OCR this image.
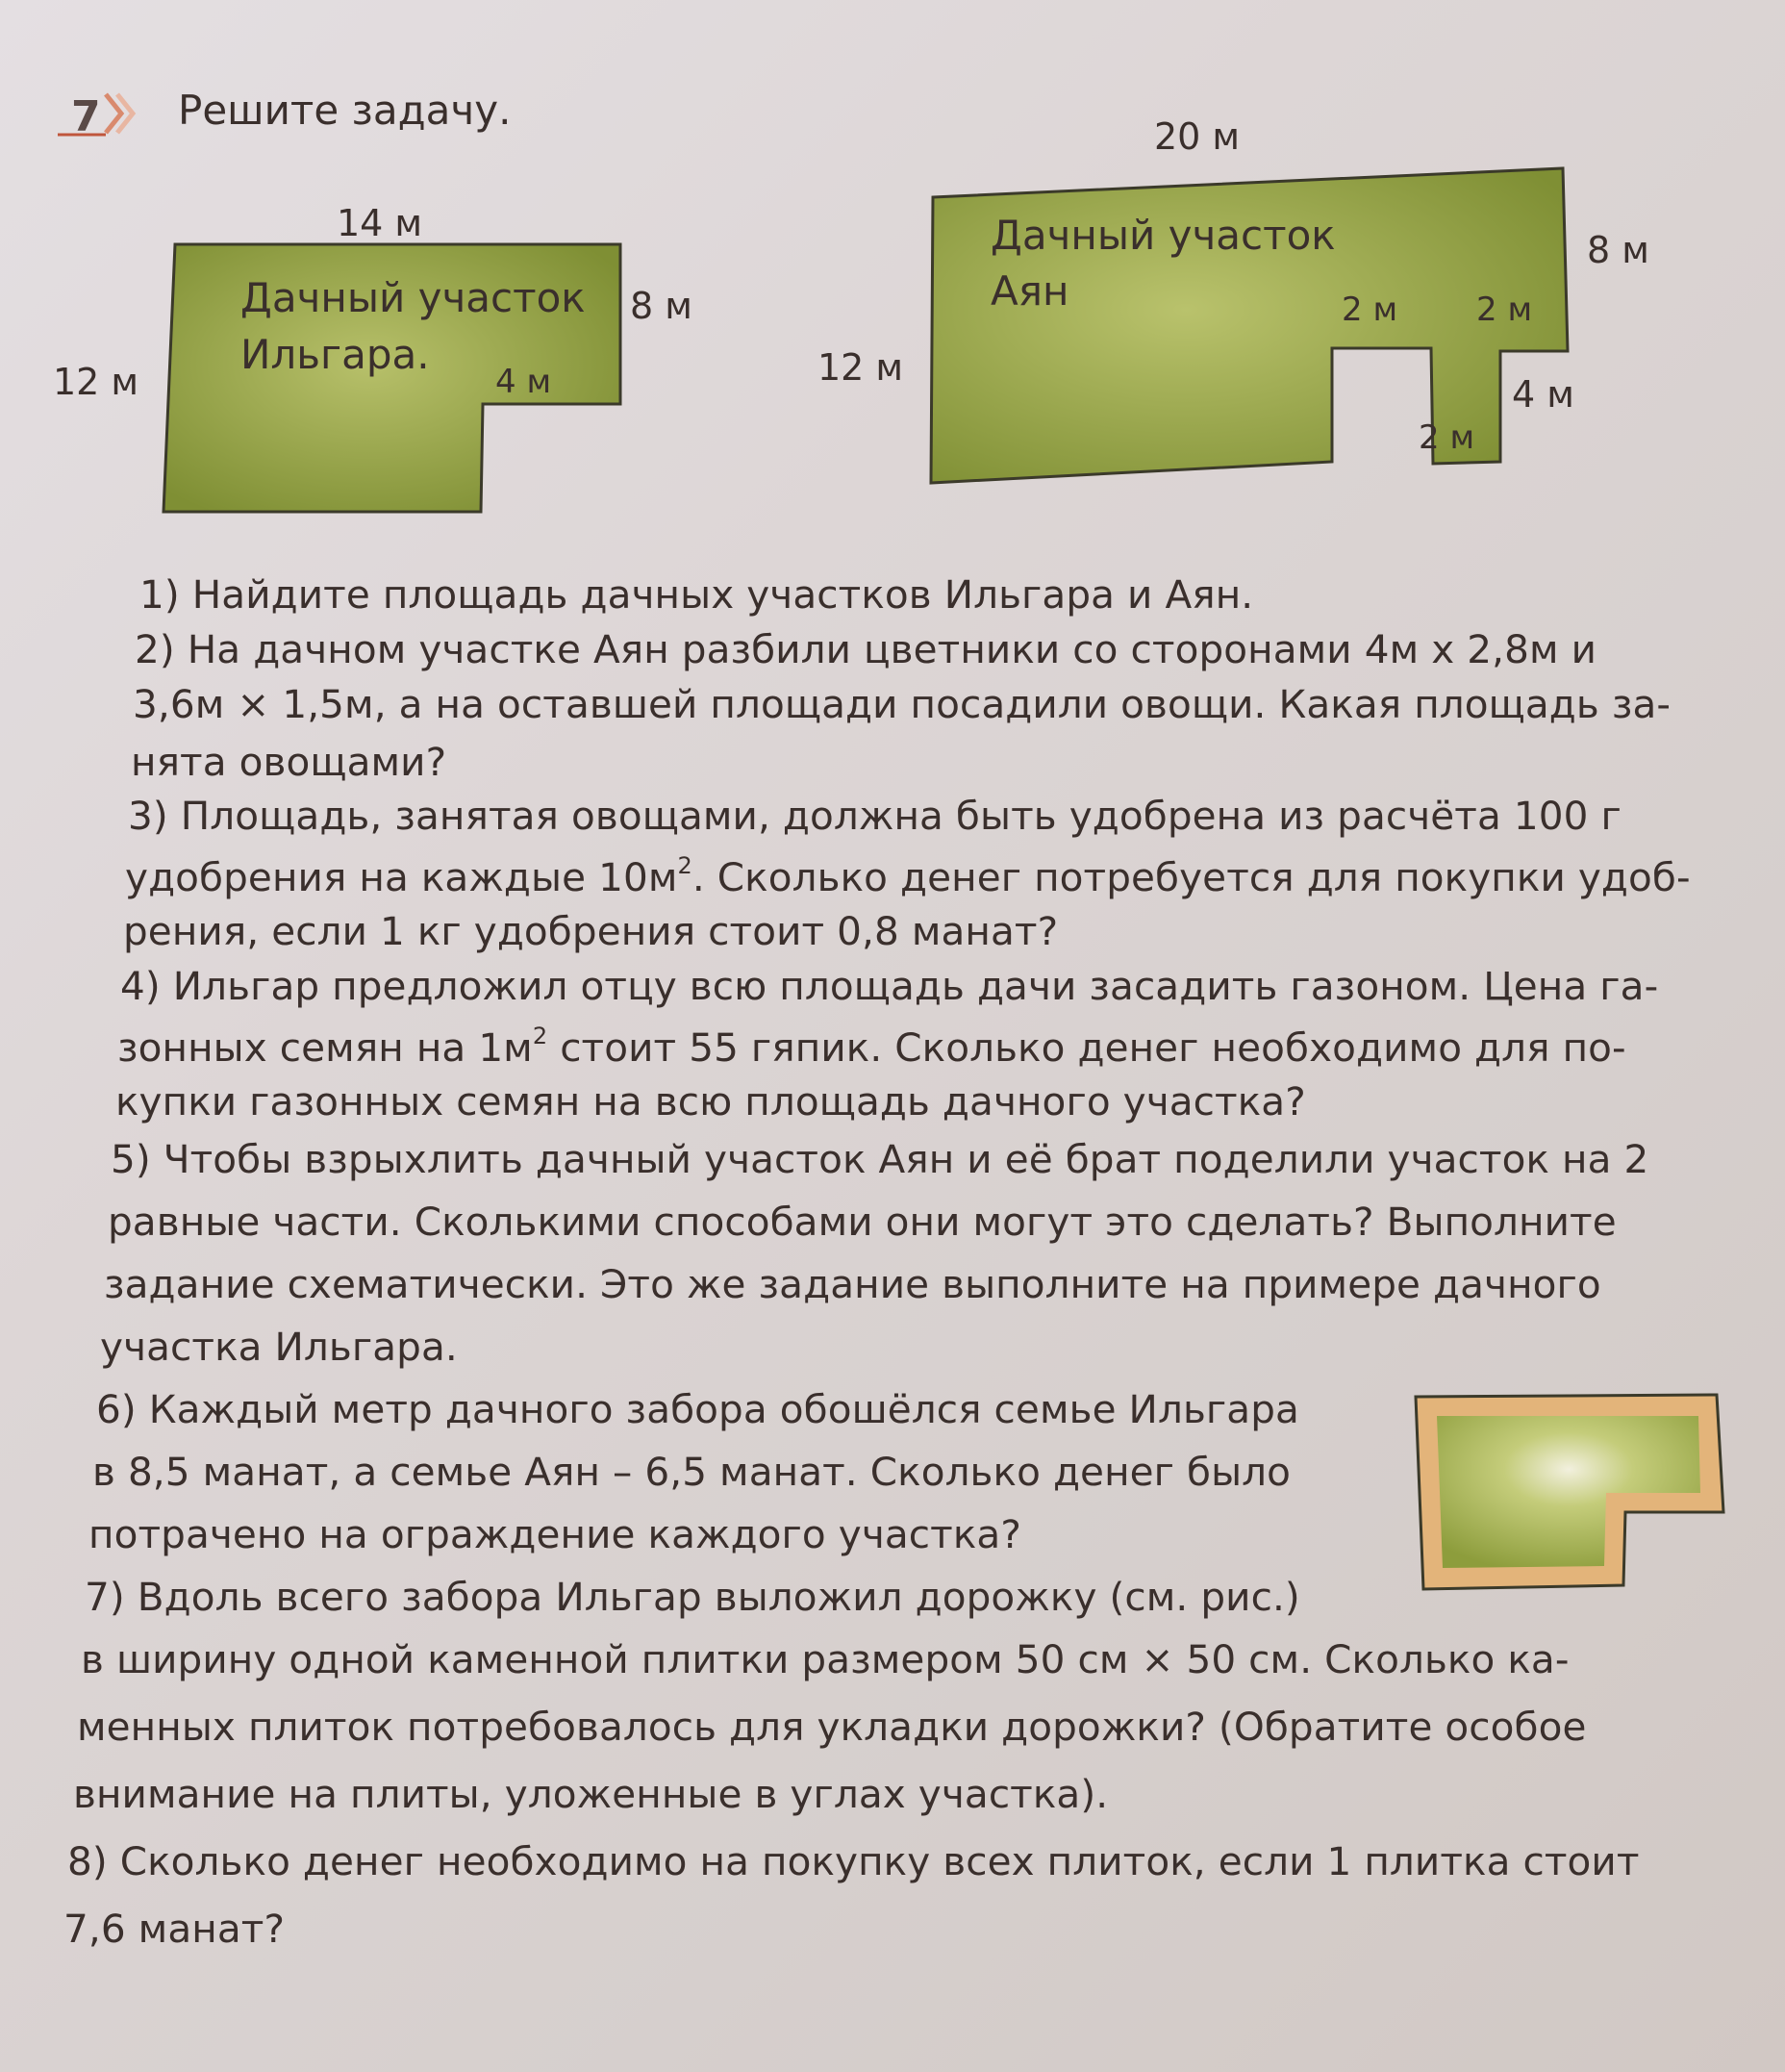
7 Решите задачу.
14 м
12 м
8 м
4 м
Дачный участок
Ильгара.
20 м
12 м
8 м
2 м 2 м
4 м
2 м
Дачный участок
Аян
1) Найдите площадь дачных участков Ильгара и Аян.
2) На дачном участке Аян разбили цветники со сторонами 4м х 2,8м и
3,6м × 1,5м, а на оставшей площади посадили овощи. Какая площадь за-
нята овощами?
3) Площадь, занятая овощами, должна быть удобрена из расчёта 100 г
удобрения на каждые $10м^2$. Сколько денег потребуется для покупки удоб-
рения, если 1 кг удобрения стоит 0,8 манат?
4) Ильгар предложил отцу всю площадь дачи засадить газоном. Цена га-
зонных семян на $1м^2$ стоит 55 гяпик. Сколько денег необходимо для по-
купки газонных семян на всю площадь дачного участка?
5) Чтобы взрыхлить дачный участок Аян и её брат поделили участок на 2
равные части. Сколькими способами они могут это сделать? Выполните
задание схематически. Это же задание выполните на примере дачного
участка Ильгара.
6) Каждый метр дачного забора обошёлся семье Ильгара
в 8,5 манат, а семье Аян – 6,5 манат. Сколько денег было
потрачено на ограждение каждого участка?
7) Вдоль всего забора Ильгар выложил дорожку (см. рис.)
в ширину одной каменной плитки размером 50 см × 50 см. Сколько ка-
менных плиток потребовалось для укладки дорожки? (Обратите особое
внимание на плиты, уложенные в углах участка).
8) Сколько денег необходимо на покупку всех плиток, если 1 плитка стоит
7,6 манат?
